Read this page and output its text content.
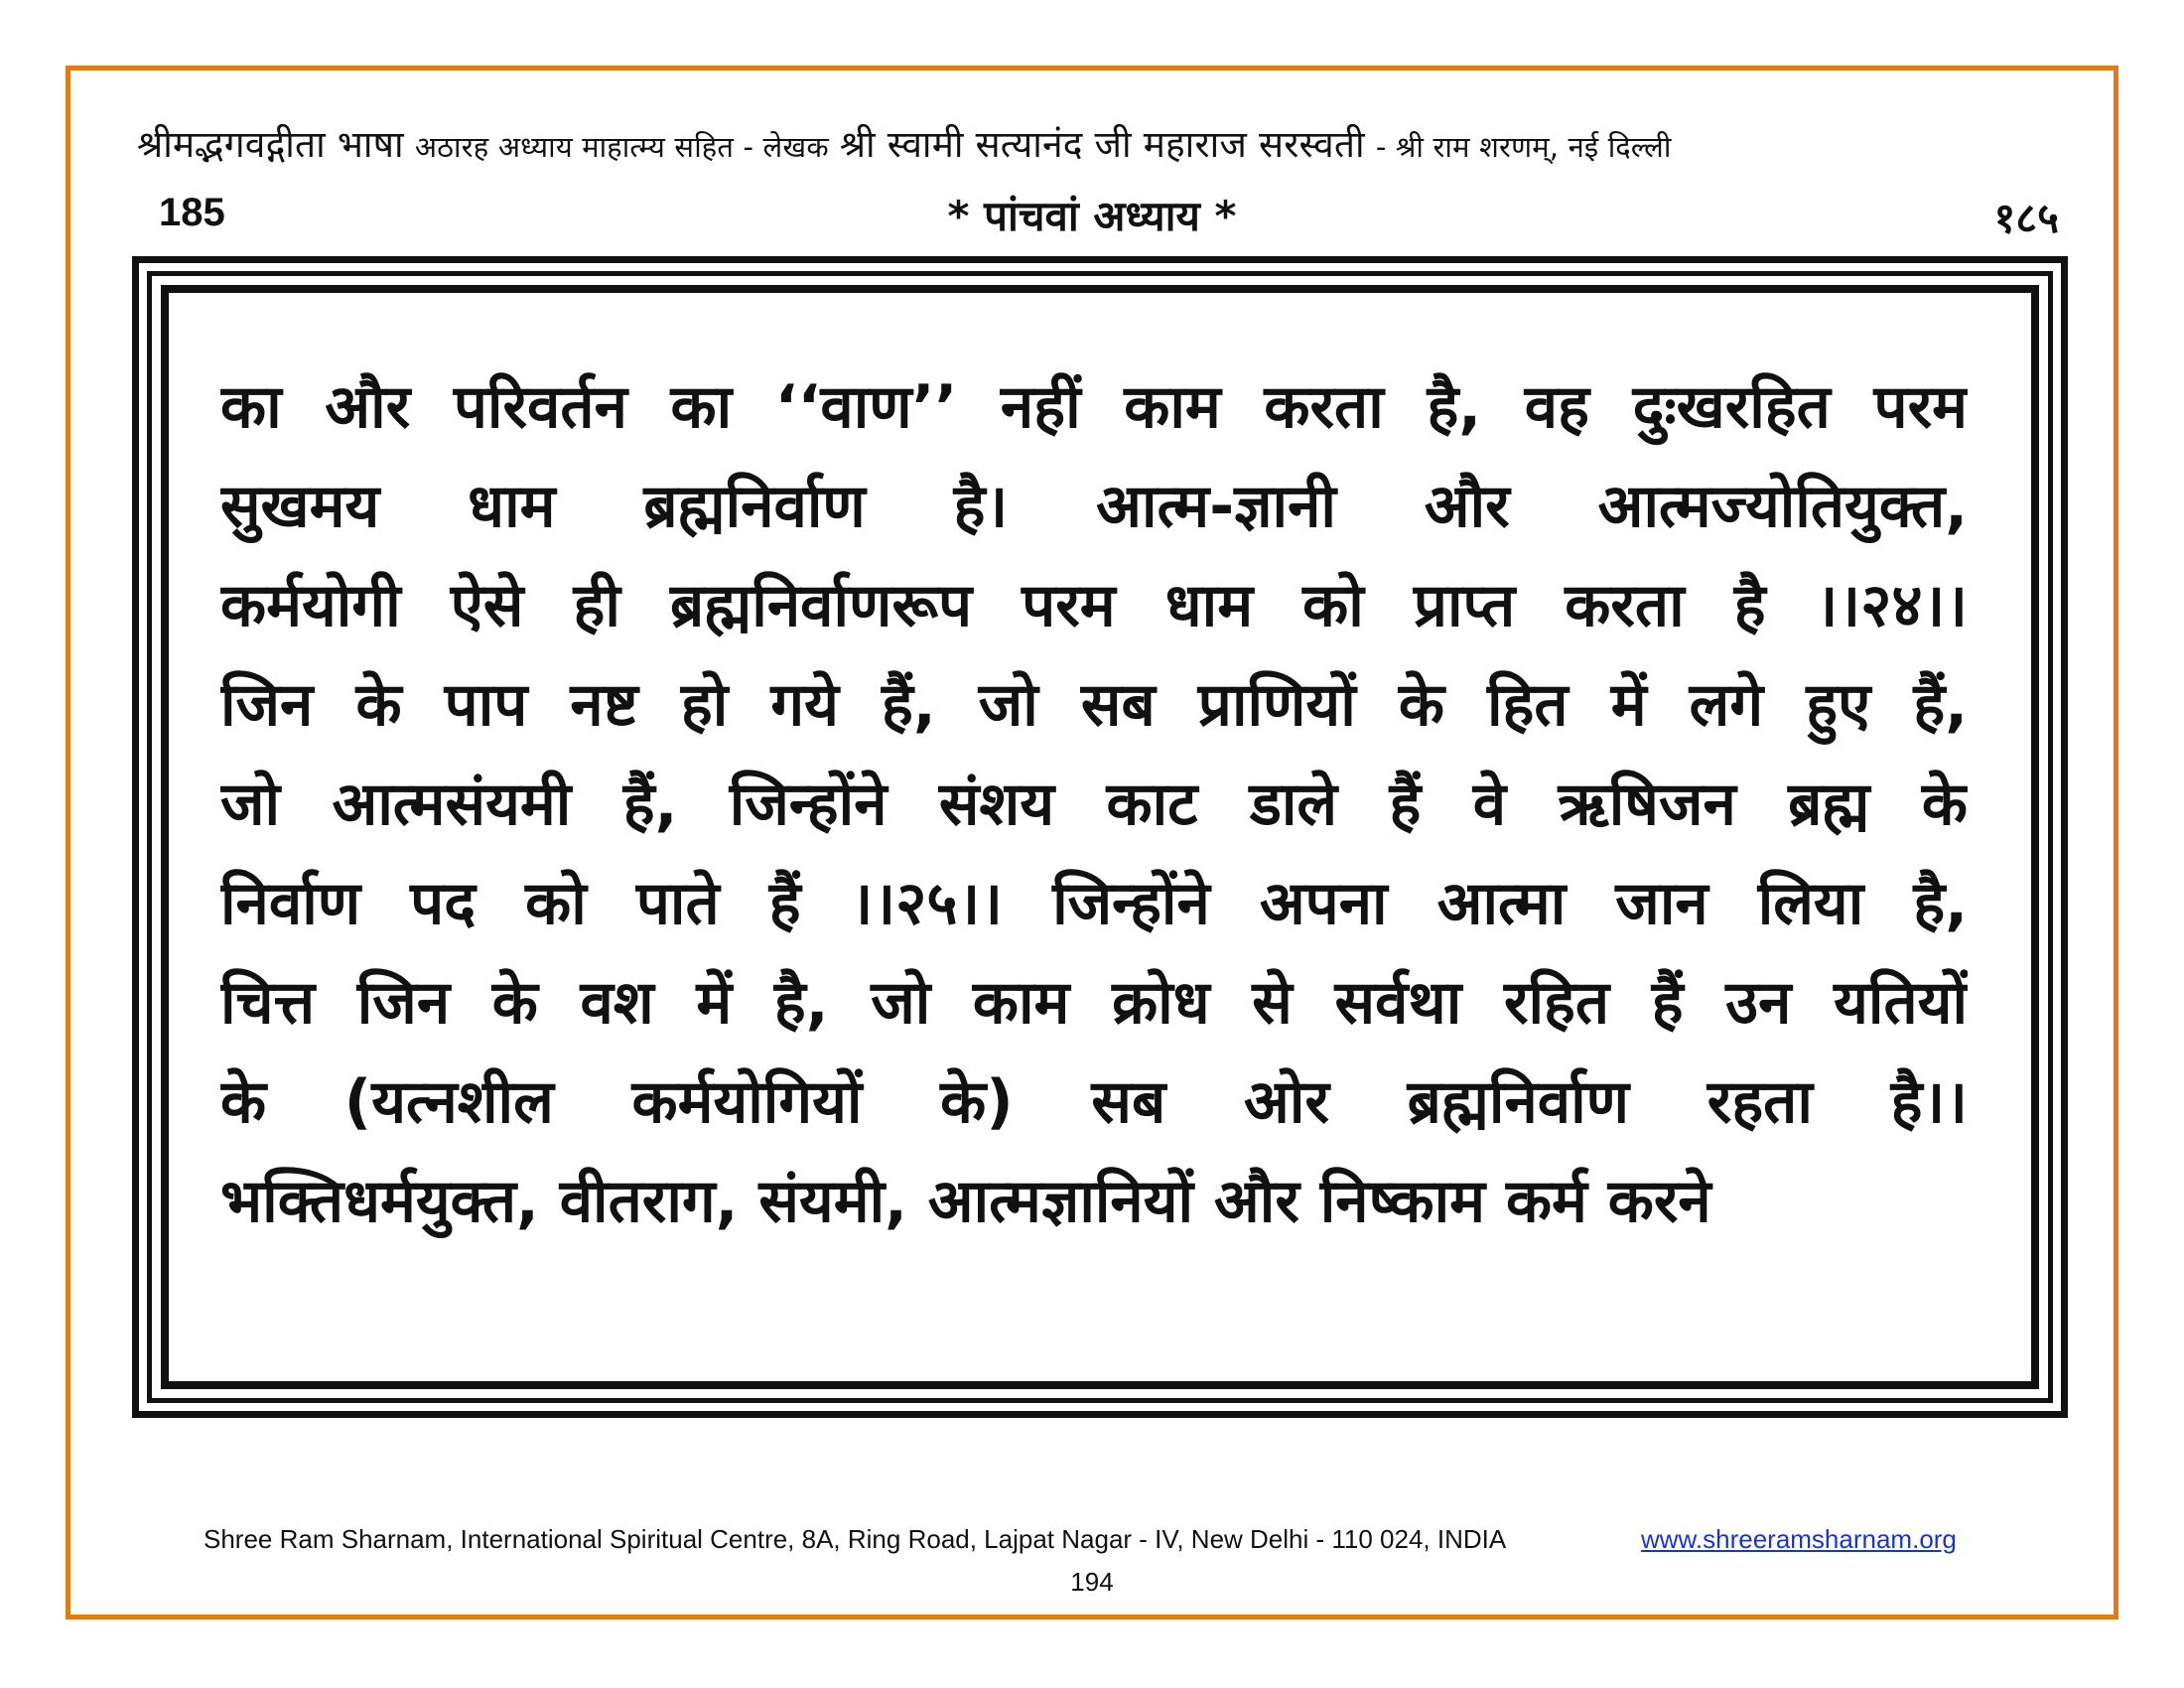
श्रीमद्भगवद्गीता भाषा अठारह अध्याय माहात्म्य सहित - लेखक श्री स्वामी सत्यानंद जी महाराज सरस्वती - श्री राम शरणम्, नई दिल्ली
185	* पांचवां अध्याय *	१८५
का और परिवर्तन का ‘‘वाण’’ नहीं काम करता है, वह दुःखरहित परम
सुखमय धाम ब्रह्मनिर्वाण है। आत्म-ज्ञानी और आत्मज्योतियुक्त,
कर्मयोगी ऐसे ही ब्रह्मनिर्वाणरूप परम धाम को प्राप्त करता है ।।२४।।
जिन के पाप नष्ट हो गये हैं, जो सब प्राणियों के हित में लगे हुए हैं,
जो आत्मसंयमी हैं, जिन्होंने संशय काट डाले हैं वे ऋषिजन ब्रह्म के
निर्वाण पद को पाते हैं ।।२५।। जिन्होंने अपना आत्मा जान लिया है,
चित्त जिन के वश में है, जो काम क्रोध से सर्वथा रहित हैं उन यतियों
के (यत्नशील कर्मयोगियों के) सब ओर ब्रह्मनिर्वाण रहता है।।
भक्तिधर्मयुक्त, वीतराग, संयमी, आत्मज्ञानियों और निष्काम कर्म करने
Shree Ram Sharnam, International Spiritual Centre, 8A, Ring Road, Lajpat Nagar - IV, New Delhi - 110 024, INDIA	www.shreeramsharnam.org
194
